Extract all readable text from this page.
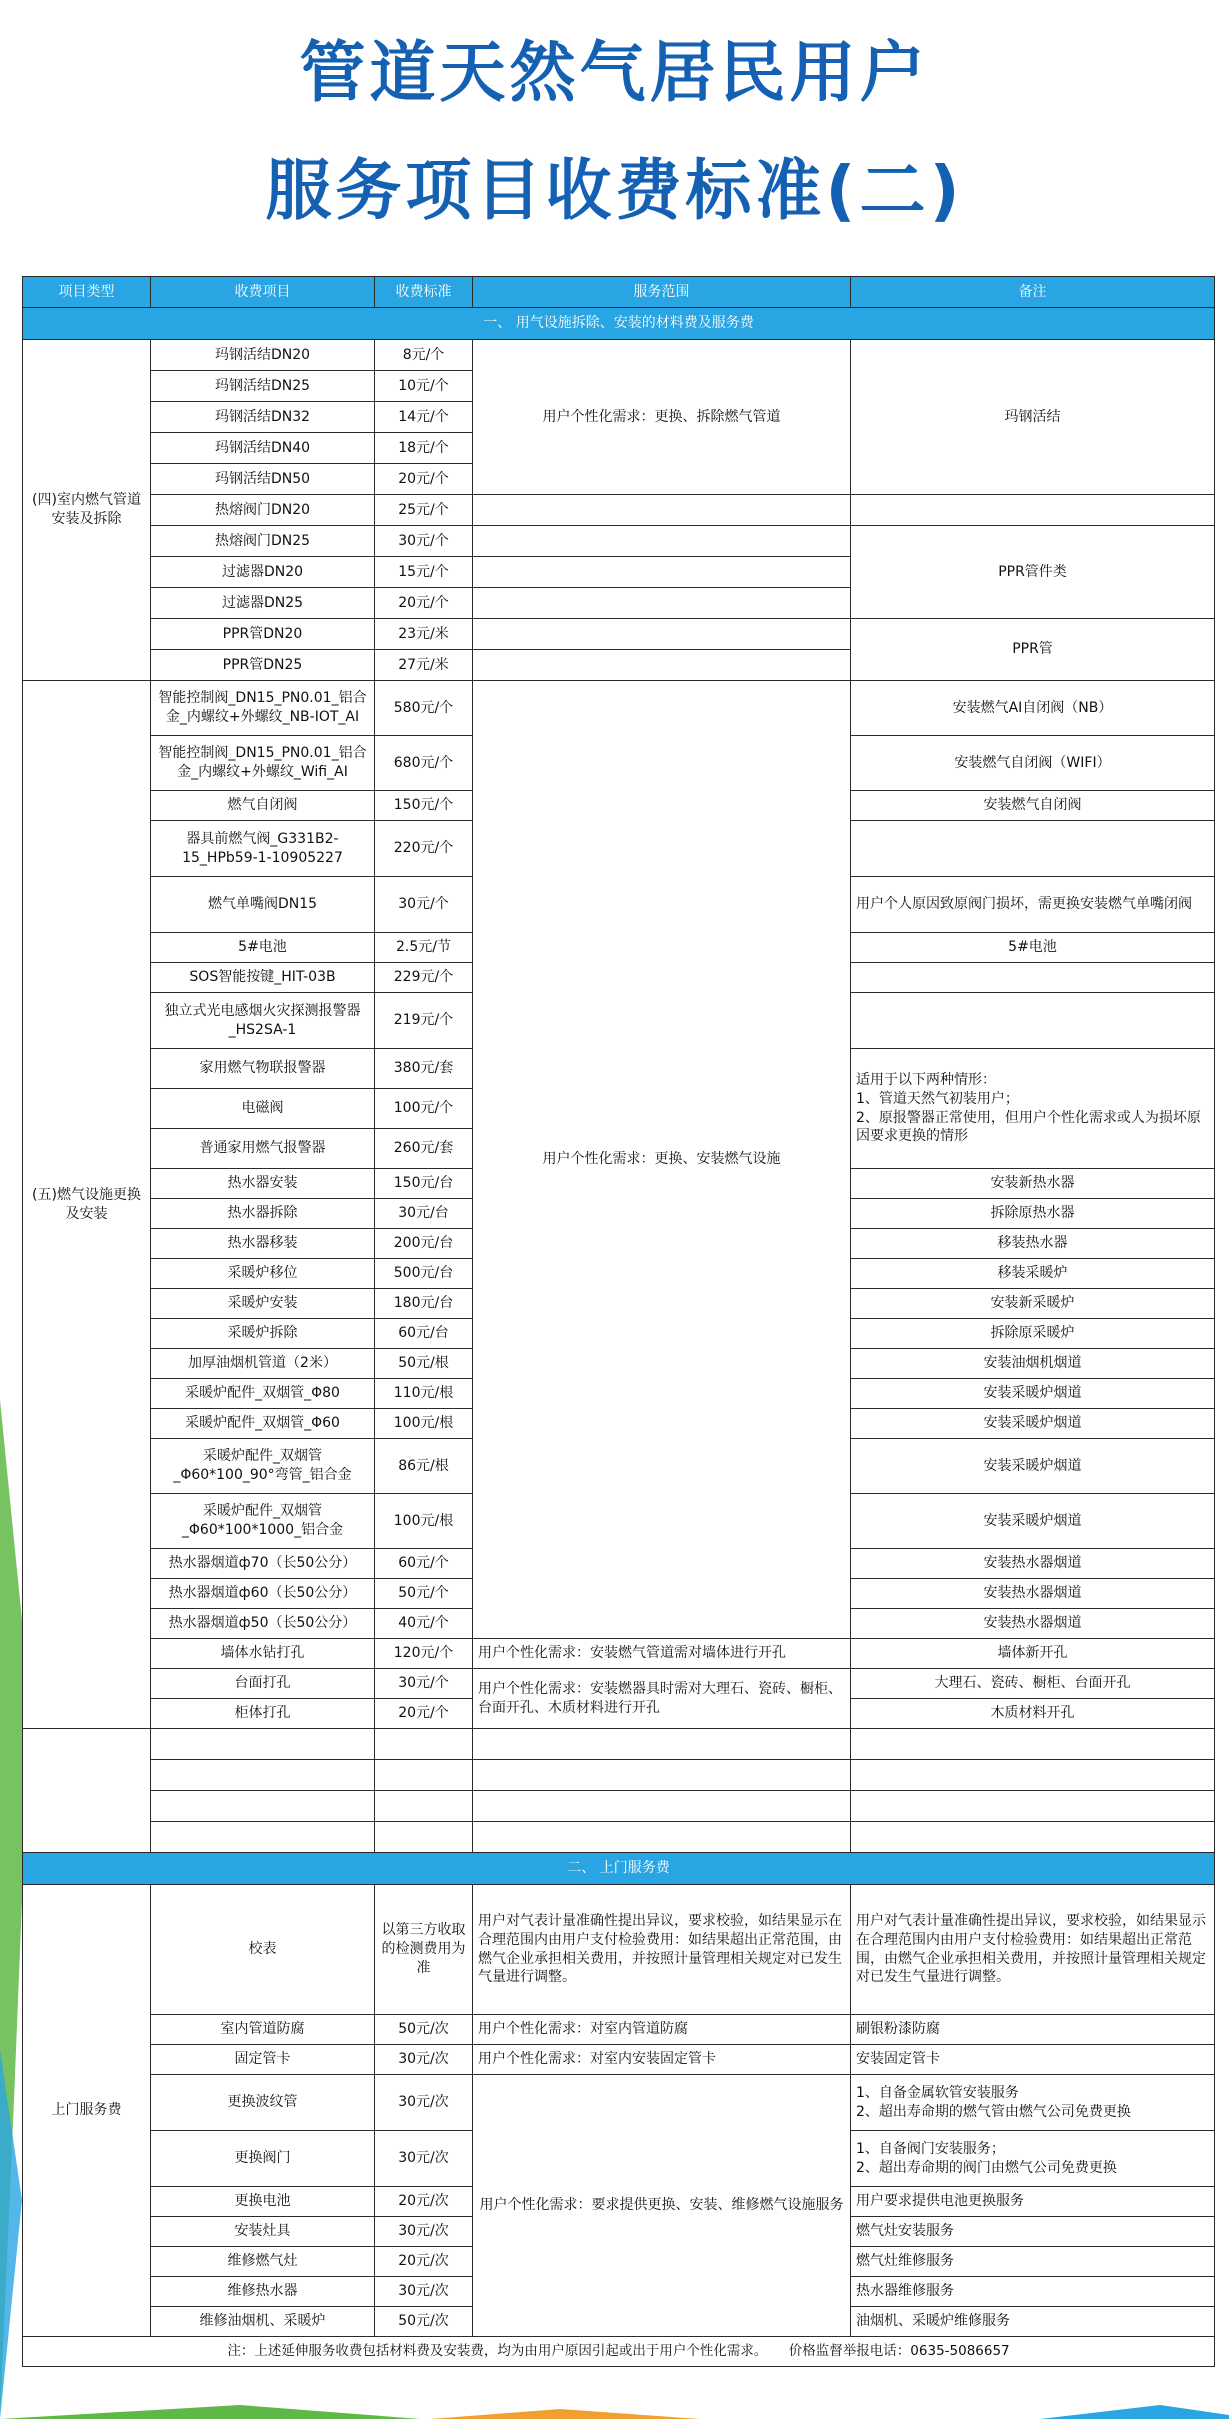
管道天然气居民用户
服务项目收费标准(二)
项目类型	收费项目	收费标准	服务范围	备注
一、 用气设施拆除、安装的材料费及服务费				
(四)室内燃气管道安装及拆除	玛钢活结DN20	8元/个	用户个性化需求：更换、拆除燃气管道	玛钢活结
	玛钢活结DN25	10元/个		
	玛钢活结DN32	14元/个		
	玛钢活结DN40	18元/个		
	玛钢活结DN50	20元/个		
	热熔阀门DN20	25元/个		
	热熔阀门DN25	30元/个		PPR管件类
	过滤器DN20	15元/个		
	过滤器DN25	20元/个		
	PPR管DN20	23元/米		PPR管
	PPR管DN25	27元/米		
(五)燃气设施更换及安装	智能控制阀_DN15_PN0.01_铝合金_内螺纹+外螺纹_NB-IOT_AI	580元/个	用户个性化需求：更换、安装燃气设施	安装燃气AI自闭阀（NB）
	智能控制阀_DN15_PN0.01_铝合金_内螺纹+外螺纹_Wifi_AI	680元/个		安装燃气自闭阀（WIFI）
	燃气自闭阀	150元/个		安装燃气自闭阀
	器具前燃气阀_G331B2-15_HPb59-1-10905227	220元/个		
	燃气单嘴阀DN15	30元/个		用户个人原因致原阀门损坏，需更换安装燃气单嘴闭阀
	5#电池	2.5元/节		5#电池
	SOS智能按键_HIT-03B	229元/个		
	独立式光电感烟火灾探测报警器_HS2SA-1	219元/个		
	家用燃气物联报警器	380元/套		适用于以下两种情形：
1、管道天然气初装用户；
2、原报警器正常使用，但用户个性化需求或人为损坏原因要求更换的情形
	电磁阀	100元/个		
	普通家用燃气报警器	260元/套		
	热水器安装	150元/台		安装新热水器
	热水器拆除	30元/台		拆除原热水器
	热水器移装	200元/台		移装热水器
	采暖炉移位	500元/台		移装采暖炉
	采暖炉安装	180元/台		安装新采暖炉
	采暖炉拆除	60元/台		拆除原采暖炉
	加厚油烟机管道（2米）	50元/根		安装油烟机烟道
	采暖炉配件_双烟管_Φ80	110元/根		安装采暖炉烟道
	采暖炉配件_双烟管_Φ60	100元/根		安装采暖炉烟道
	采暖炉配件_双烟管_Φ60*100_90°弯管_铝合金	86元/根		安装采暖炉烟道
	采暖炉配件_双烟管_Φ60*100*1000_铝合金	100元/根		安装采暖炉烟道
	热水器烟道ф70（长50公分）	60元/个		安装热水器烟道
	热水器烟道ф60（长50公分）	50元/个		安装热水器烟道
	热水器烟道ф50（长50公分）	40元/个		安装热水器烟道
	墙体水钻打孔	120元/个	用户个性化需求：安装燃气管道需对墙体进行开孔	墙体新开孔
	台面打孔	30元/个	用户个性化需求：安装燃器具时需对大理石、瓷砖、橱柜、台面开孔、木质材料进行开孔	大理石、瓷砖、橱柜、台面开孔
	柜体打孔	20元/个		木质材料开孔

二、 上门服务费				
上门服务费	校表	以第三方收取的检测费用为准	用户对气表计量准确性提出异议，要求校验，如结果显示在合理范围内由用户支付检验费用：如结果超出正常范围，由燃气企业承担相关费用，并按照计量管理相关规定对已发生气量进行调整。	用户对气表计量准确性提出异议，要求校验，如结果显示在合理范围内由用户支付检验费用：如结果超出正常范围，由燃气企业承担相关费用，并按照计量管理相关规定对已发生气量进行调整。
	室内管道防腐	50元/次	用户个性化需求：对室内管道防腐	刷银粉漆防腐
	固定管卡	30元/次	用户个性化需求：对室内安装固定管卡	安装固定管卡
	更换波纹管	30元/次	用户个性化需求：要求提供更换、安装、维修燃气设施服务	1、自备金属软管安装服务
2、超出寿命期的燃气管由燃气公司免费更换
	更换阀门	30元/次		1、自备阀门安装服务；
2、超出寿命期的阀门由燃气公司免费更换
	更换电池	20元/次		用户要求提供电池更换服务
	安装灶具	30元/次		燃气灶安装服务
	维修燃气灶	20元/次		燃气灶维修服务
	维修热水器	30元/次		热水器维修服务
	维修油烟机、采暖炉	50元/次		油烟机、采暖炉维修服务
注：上述延伸服务收费包括材料费及安装费，均为由用户原因引起或出于用户个性化需求。     价格监督举报电话：0635-5086657				
